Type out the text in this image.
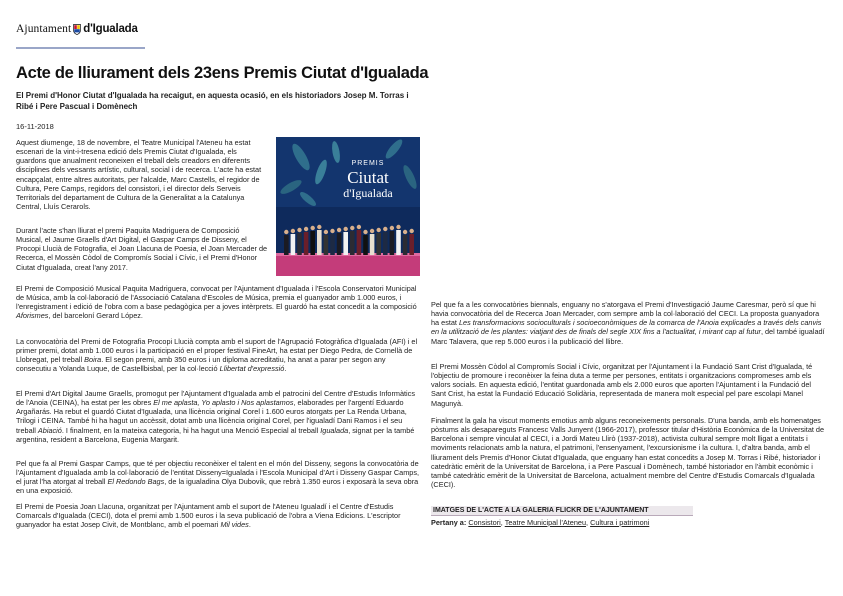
Ajuntament d'Igualada
Acte de lliurament dels 23ens Premis Ciutat d'Igualada

El Premi d'Honor Ciutat d'Igualada ha recaigut, en aquesta ocasió, en els historiadors Josep M. Torras i Ribé i Pere Pascual i Domènech

16-11-2018

Aquest diumenge, 18 de novembre, el Teatre Municipal l'Ateneu ha estat escenari de la vint-i-tresena edició dels Premis Ciutat d'Igualada, els guardons que anualment reconeixen el treball dels creadors en diferents disciplines dels vessants artístic, cultural, social i de recerca. L'acte ha estat encapçalat, entre altres autoritats, per l'alcalde, Marc Castells, el regidor de Cultura, Pere Camps, regidors del consistori, i el director dels Serveis Territorials del departament de Cultura de la Generalitat a la Catalunya Central, Lluís Cerarols.

Durant l'acte s'han lliurat el premi Paquita Madriguera de Composició Musical, el Jaume Graells d'Art Digital, el Gaspar Camps de Disseny, el Procopi Llucià de Fotografia, el Joan Llacuna de Poesia, el Joan Mercader de Recerca, el Mossèn Còdol de Compromís Social i Cívic, i el Premi d'Honor Ciutat d'Igualada, creat l'any 2017.

PREMIS
Ciutat
d'Igualada

El Premi de Composició Musical Paquita Madriguera, convocat per l'Ajuntament d'Igualada i l'Escola Conservatori Municipal de Música, amb la col·laboració de l'Associació Catalana d'Escoles de Música, premia el guanyador amb 1.000 euros, i l'enregistrament i edició de l'obra com a base pedagògica per a joves intèrprets. El guardó ha estat concedit a la composició Aforismes, del barceloní Gerard López.

La convocatòria del Premi de Fotografia Procopi Llucià compta amb el suport de l'Agrupació Fotogràfica d'Igualada (AFI) i el primer premi, dotat amb 1.000 euros i la participació en el proper festival FineArt, ha estat per Diego Pedra, de Cornellà de Llobregat, pel treball Boira. El segon premi, amb 350 euros i un diploma acreditatiu, ha anat a parar per segon any consecutiu a Yolanda Luque, de Castellbisbal, per la col·lecció Llibertat d'expressió.

El Premi d'Art Digital Jaume Graells, promogut per l'Ajuntament d'Igualada amb el patrocini del Centre d'Estudis Informàtics de l'Anoia (CEINA), ha estat per les obres El me aplasta, Yo aplasto i Nos aplastamos, elaborades per l'argentí Eduardo Argañarás. Ha rebut el guardó Ciutat d'Igualada, una llicència original Corel i 1.600 euros atorgats per La Renda Urbana, Trilogi i CEINA. També hi ha hagut un accèssit, dotat amb una llicència original Corel, per l'igualadí Dani Ramos i el seu treball Abiació. I finalment, en la mateixa categoria, hi ha hagut una Menció Especial al treball Igualada, signat per la també argentina, resident a Barcelona, Eugenia Margarit.

Pel que fa al Premi Gaspar Camps, que té per objectiu reconèixer el talent en el món del Disseny, segons la convocatòria de l'Ajuntament d'Igualada amb la col·laboració de l'entitat Disseny=Igualada i l'Escola Municipal d'Art i Disseny Gaspar Camps, el jurat l'ha atorgat al treball El Redondo Bags, de la igualadina Olya Dubovik, que rebrà 1.350 euros i exposarà la seva obra en una exposició.

El Premi de Poesia Joan Llacuna, organitzat per l'Ajuntament amb el suport de l'Ateneu Igualadí i el Centre d'Estudis Comarcals d'Igualada (CECI), dota el premi amb 1.500 euros i la seva publicació de l'obra a Viena Edicions. L'escriptor guanyador ha estat Josep Civit, de Montblanc, amb el poemari Mil vides.

Pel que fa a les convocatòries biennals, enguany no s'atorgava el Premi d'Investigació Jaume Caresmar, però sí que hi havia convocatòria del de Recerca Joan Mercader, com sempre amb la col·laboració del CECI. La proposta guanyadora ha estat Les transformacions socioculturals i socioeconòmiques de la comarca de l'Anoia explicades a través dels canvis en la utilització de les plantes: viatjant des de finals del segle XIX fins a l'actualitat, i mirant cap al futur, del també igualadí Marc Talavera, que rep 5.000 euros i la publicació del llibre.

El Premi Mossèn Còdol al Compromís Social i Cívic, organitzat per l'Ajuntament i la Fundació Sant Crist d'Igualada, té l'objectiu de promoure i reconèixer la feina duta a terme per persones, entitats i organitzacions compromeses amb els valors socials. En aquesta edició, l'entitat guardonada amb els 2.000 euros que aporten l'Ajuntament i la Fundació del Sant Crist, ha estat la Fundació Educació Solidària, representada de manera molt especial pel pare escolapi Manel Magunyà.

Finalment la gala ha viscut moments emotius amb alguns reconeixements personals. D'una banda, amb els homenatges pòstums als desapareguts Francesc Valls Junyent (1966-2017), professor titular d'Història Econòmica de la Universitat de Barcelona i sempre vinculat al CECI, i a Jordi Mateu Llirò (1937-2018), activista cultural sempre molt lligat a entitats i moviments relacionats amb la natura, el patrimoni, l'ensenyament, l'excursionisme i la cultura. I, d'altra banda, amb el lliurament dels Premis d'Honor Ciutat d'Igualada, que enguany han estat concedits a Josep M. Torras i Ribé, historiador i catedràtic emèrit de la Universitat de Barcelona, i a Pere Pascual i Domènech, també historiador en l'àmbit econòmic i també catedràtic emèrit de la Universitat de Barcelona, actualment membre del Centre d'Estudis Comarcals d'Igualada (CECI).

IMATGES DE L'ACTE A LA GALERIA FLICKR DE L'AJUNTAMENT
Pertany a: Consistori, Teatre Municipal l'Ateneu, Cultura i patrimoni
